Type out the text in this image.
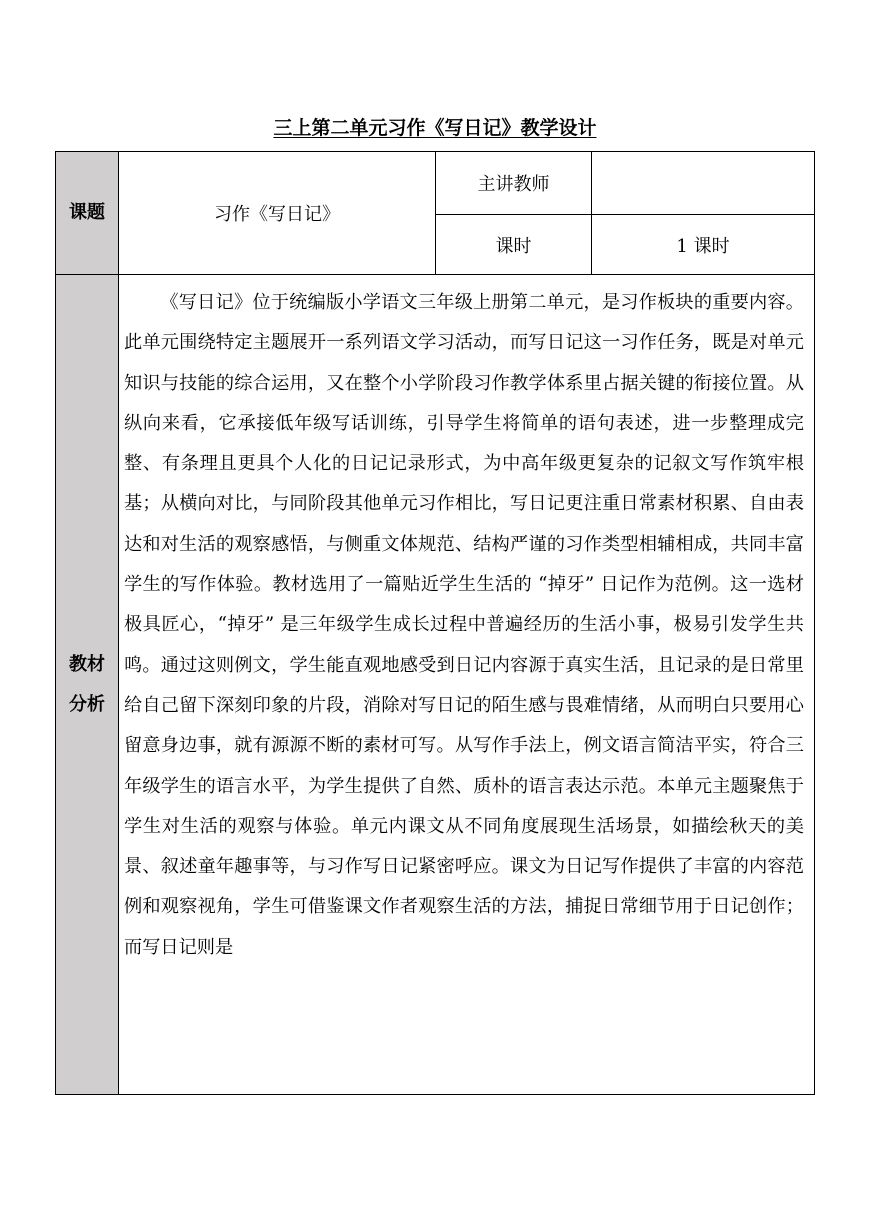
三上第二单元习作《写日记》教学设计
课题	习作《写日记》
主讲教师
课时	1 课时
教材
分析
《写日记》位于统编版小学语文三年级上册第二单元，是习作板块的重要内容。此单元围绕特定主题展开一系列语文学习活动，而写日记这一习作任务，既是对单元知识与技能的综合运用，又在整个小学阶段习作教学体系里占据关键的衔接位置。从纵向来看，它承接低年级写话训练，引导学生将简单的语句表述，进一步整理成完整、有条理且更具个人化的日记记录形式，为中高年级更复杂的记叙文写作筑牢根基；从横向对比，与同阶段其他单元习作相比，写日记更注重日常素材积累、自由表达和对生活的观察感悟，与侧重文体规范、结构严谨的习作类型相辅相成，共同丰富学生的写作体验。教材选用了一篇贴近学生生活的 “掉牙” 日记作为范例。这一选材极具匠心，“掉牙” 是三年级学生成长过程中普遍经历的生活小事，极易引发学生共鸣。通过这则例文，学生能直观地感受到日记内容源于真实生活，且记录的是日常里给自己留下深刻印象的片段，消除对写日记的陌生感与畏难情绪，从而明白只要用心留意身边事，就有源源不断的素材可写。从写作手法上，例文语言简洁平实，符合三年级学生的语言水平，为学生提供了自然、质朴的语言表达示范。本单元主题聚焦于学生对生活的观察与体验。单元内课文从不同角度展现生活场景，如描绘秋天的美景、叙述童年趣事等，与习作写日记紧密呼应。课文为日记写作提供了丰富的内容范例和观察视角，学生可借鉴课文作者观察生活的方法，捕捉日常细节用于日记创作；而写日记则是
